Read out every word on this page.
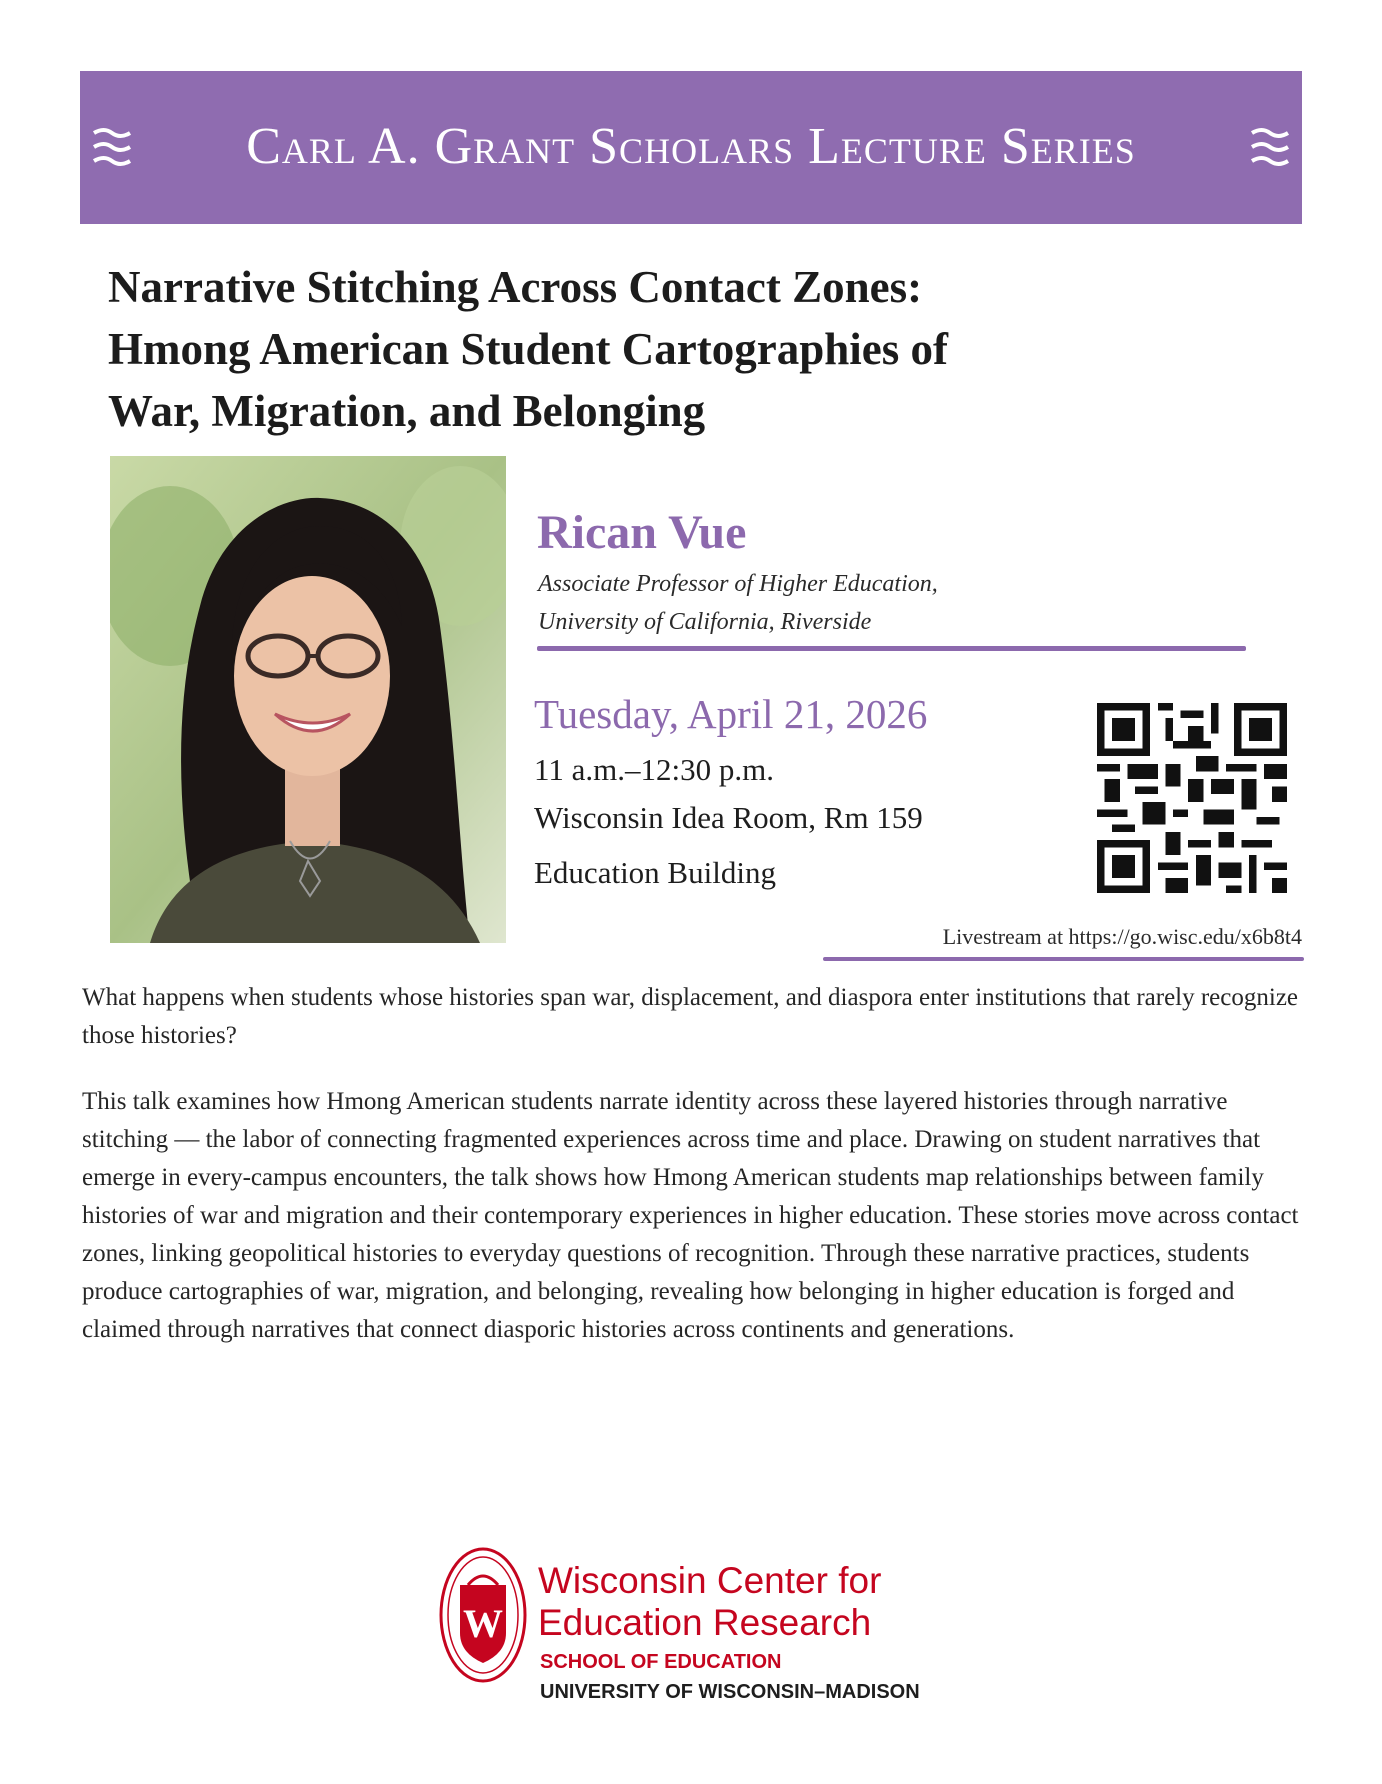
Carl A. Grant Scholars Lecture Series
Narrative Stitching Across Contact Zones:
Hmong American Student Cartographies of
War, Migration, and Belonging
Rican Vue
Associate Professor of Higher Education,
University of California, Riverside
Tuesday, April 21, 2026
11 a.m.–12:30 p.m.
Wisconsin Idea Room, Rm 159
Education Building
Livestream at https://go.wisc.edu/x6b8t4

What happens when students whose histories span war, displacement, and diaspora enter institutions that rarely recognize those histories?

This talk examines how Hmong American students narrate identity across these layered histories through narrative stitching — the labor of connecting fragmented experiences across time and place. Drawing on student narratives that emerge in every-campus encounters, the talk shows how Hmong American students map relationships between family histories of war and migration and their contemporary experiences in higher education. These stories move across contact zones, linking geopolitical histories to everyday questions of recognition. Through these narrative practices, students produce cartographies of war, migration, and belonging, revealing how belonging in higher education is forged and claimed through narratives that connect diasporic histories across continents and generations.

W
Wisconsin Center for
Education Research
SCHOOL OF EDUCATION
UNIVERSITY OF WISCONSIN–MADISON
